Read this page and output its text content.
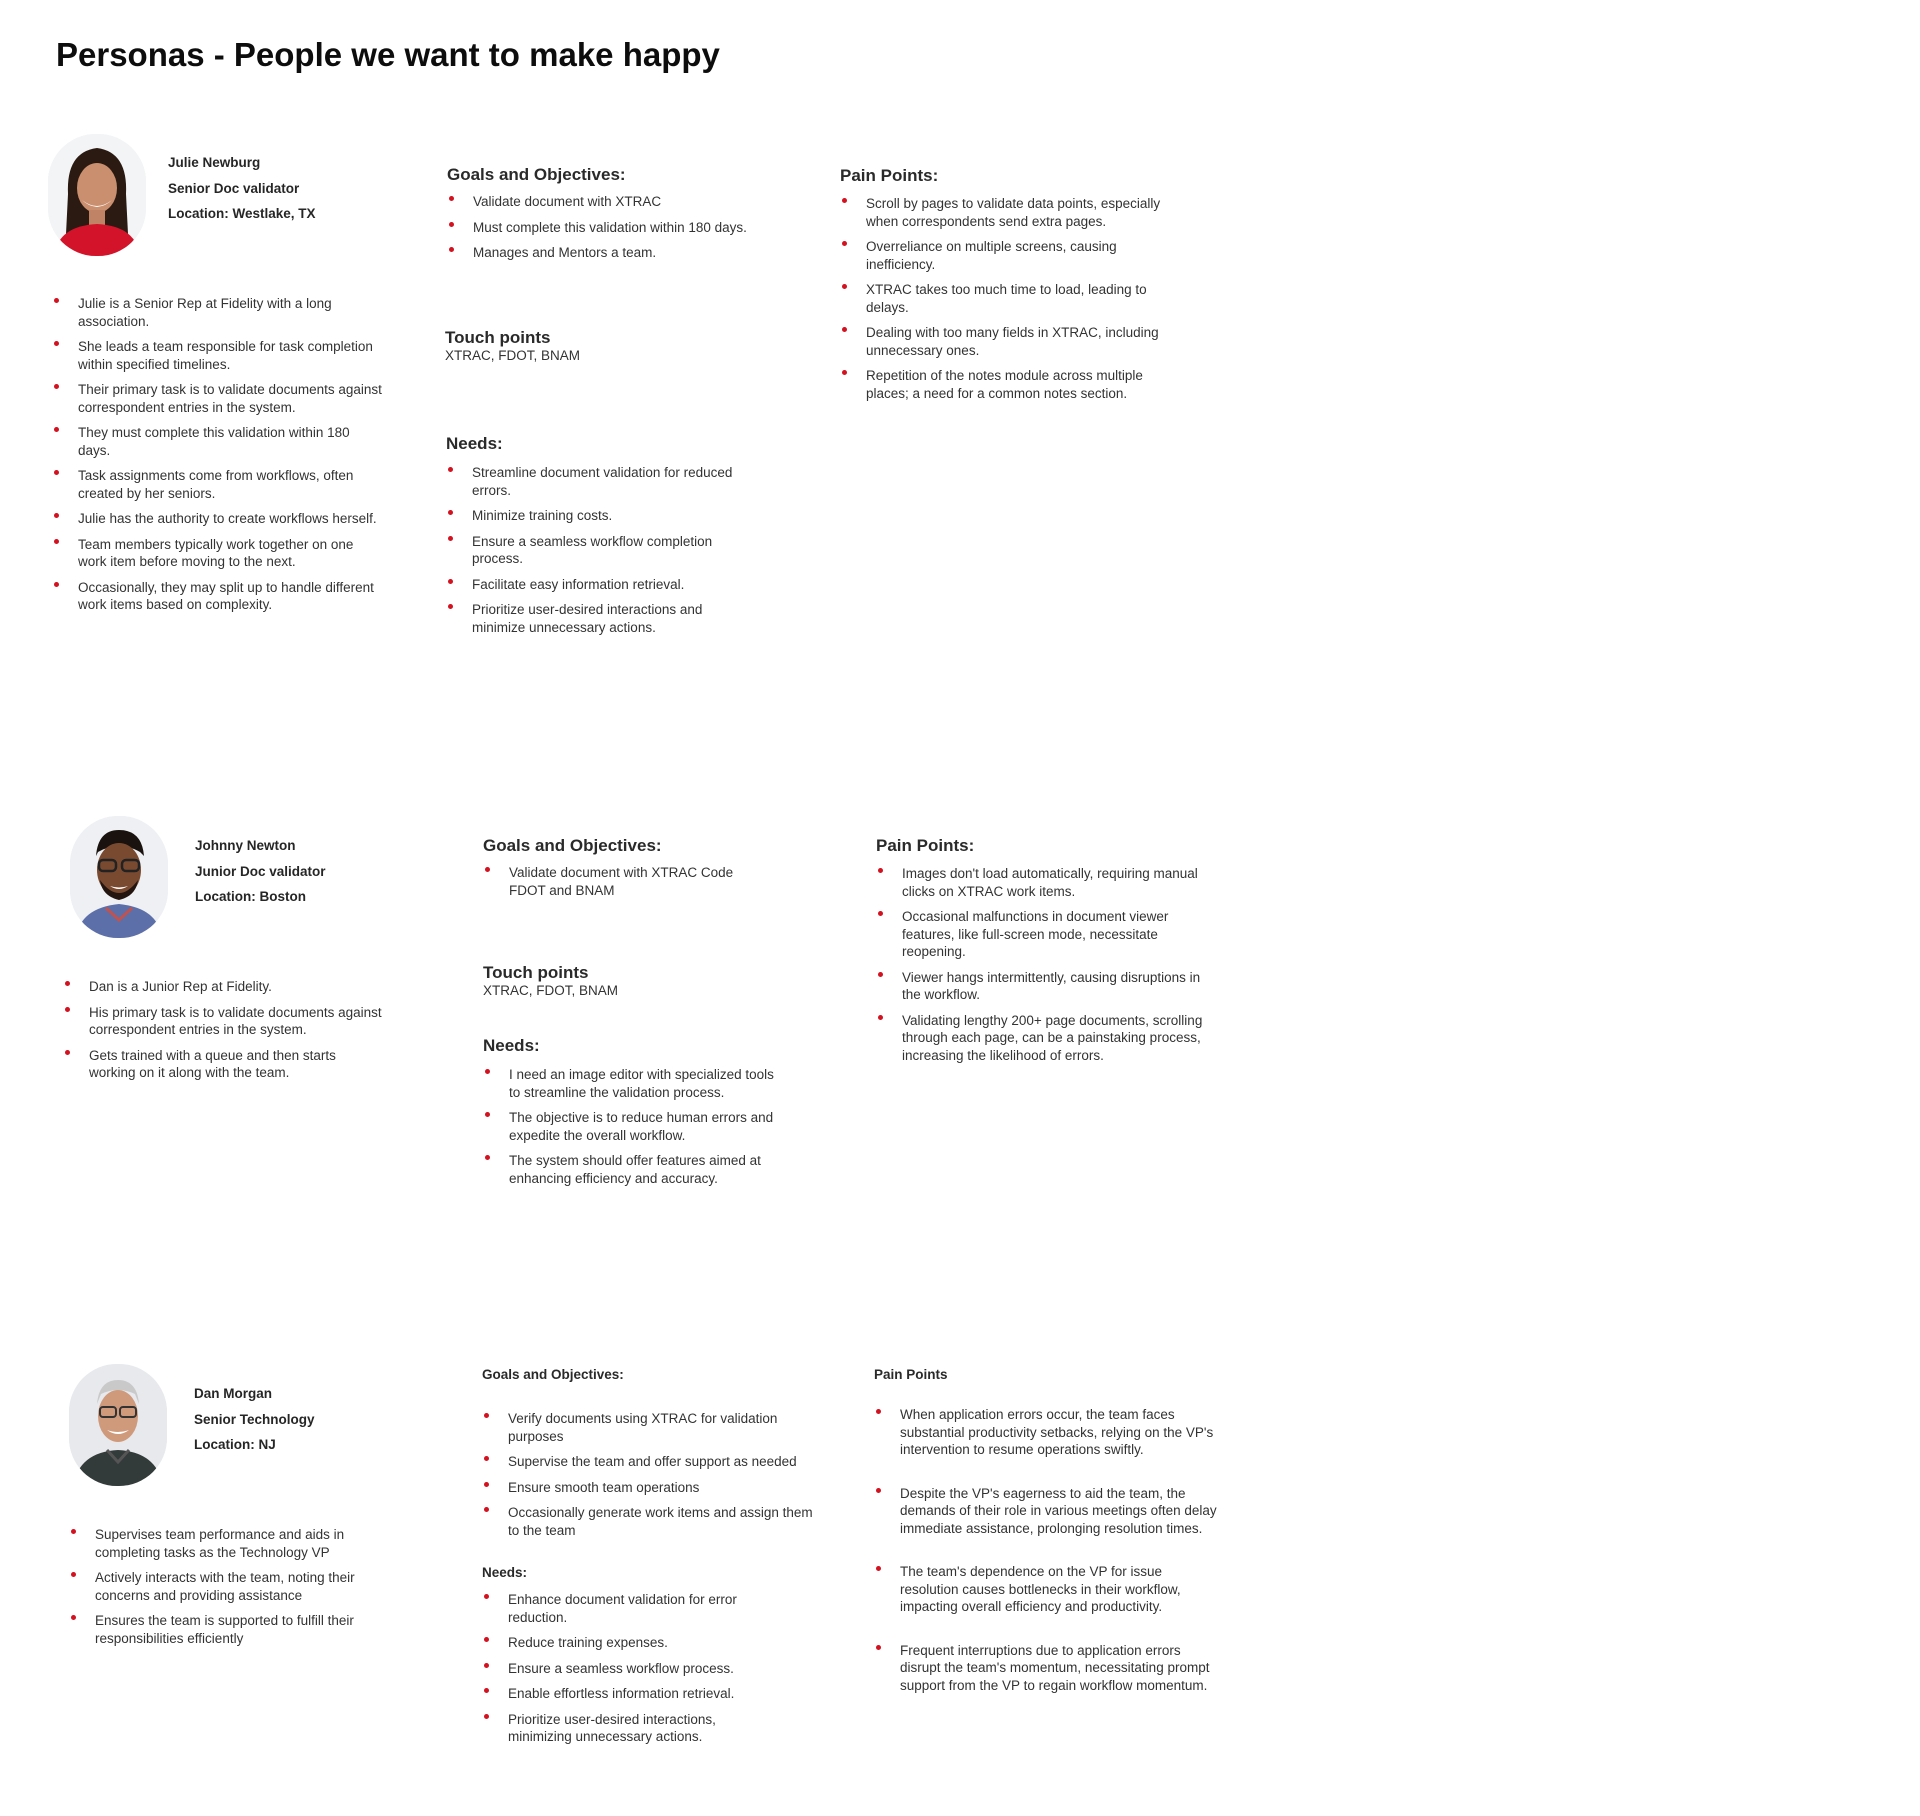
Personas - People we want to make happy
Julie Newburg
Senior Doc validator
Location: Westlake, TX
Julie is a Senior Rep at Fidelity with a long association.
She leads a team responsible for task completion within specified timelines.
Their primary task is to validate documents against correspondent entries in the system.
They must complete this validation within 180 days.
Task assignments come from workflows, often created by her seniors.
Julie has the authority to create workflows herself.
Team members typically work together on one work item before moving to the next.
Occasionally, they may split up to handle different work items based on complexity.
Goals and Objectives:
Validate document with XTRAC
Must complete this validation within 180 days.
Manages and Mentors a team.
Touch points
XTRAC, FDOT, BNAM
Needs:
Streamline document validation for reduced errors.
Minimize training costs.
Ensure a seamless workflow completion process.
Facilitate easy information retrieval.
Prioritize user-desired interactions and minimize unnecessary actions.
Pain Points:
Scroll by pages to validate data points, especially when correspondents send extra pages.
Overreliance on multiple screens, causing inefficiency.
XTRAC takes too much time to load, leading to delays.
Dealing with too many fields in XTRAC, including unnecessary ones.
Repetition of the notes module across multiple places; a need for a common notes section.
Johnny Newton
Junior Doc validator
Location: Boston
Dan is a Junior Rep at Fidelity.
His primary task is to validate documents against correspondent entries in the system.
Gets trained with a queue and then starts working on it along with the team.
Goals and Objectives:
Validate document with XTRAC Code FDOT and BNAM
Touch points
XTRAC, FDOT, BNAM
Needs:
I need an image editor with specialized tools to streamline the validation process.
The objective is to reduce human errors and expedite the overall workflow.
The system should offer features aimed at enhancing efficiency and accuracy.
Pain Points:
Images don't load automatically, requiring manual clicks on XTRAC work items.
Occasional malfunctions in document viewer features, like full-screen mode, necessitate reopening.
Viewer hangs intermittently, causing disruptions in the workflow.
Validating lengthy 200+ page documents, scrolling through each page, can be a painstaking process, increasing the likelihood of errors.
Dan Morgan
Senior Technology
Location: NJ
Supervises team performance and aids in completing tasks as the Technology VP
Actively interacts with the team, noting their concerns and providing assistance
Ensures the team is supported to fulfill their responsibilities efficiently
Goals and Objectives:
Verify documents using XTRAC for validation purposes
Supervise the team and offer support as needed
Ensure smooth team operations
Occasionally generate work items and assign them to the team
Needs:
Enhance document validation for error reduction.
Reduce training expenses.
Ensure a seamless workflow process.
Enable effortless information retrieval.
Prioritize user-desired interactions, minimizing unnecessary actions.
Pain Points
When application errors occur, the team faces substantial productivity setbacks, relying on the VP's intervention to resume operations swiftly.
Despite the VP's eagerness to aid the team, the demands of their role in various meetings often delay immediate assistance, prolonging resolution times.
The team's dependence on the VP for issue resolution causes bottlenecks in their workflow, impacting overall efficiency and productivity.
Frequent interruptions due to application errors disrupt the team's momentum, necessitating prompt support from the VP to regain workflow momentum.
